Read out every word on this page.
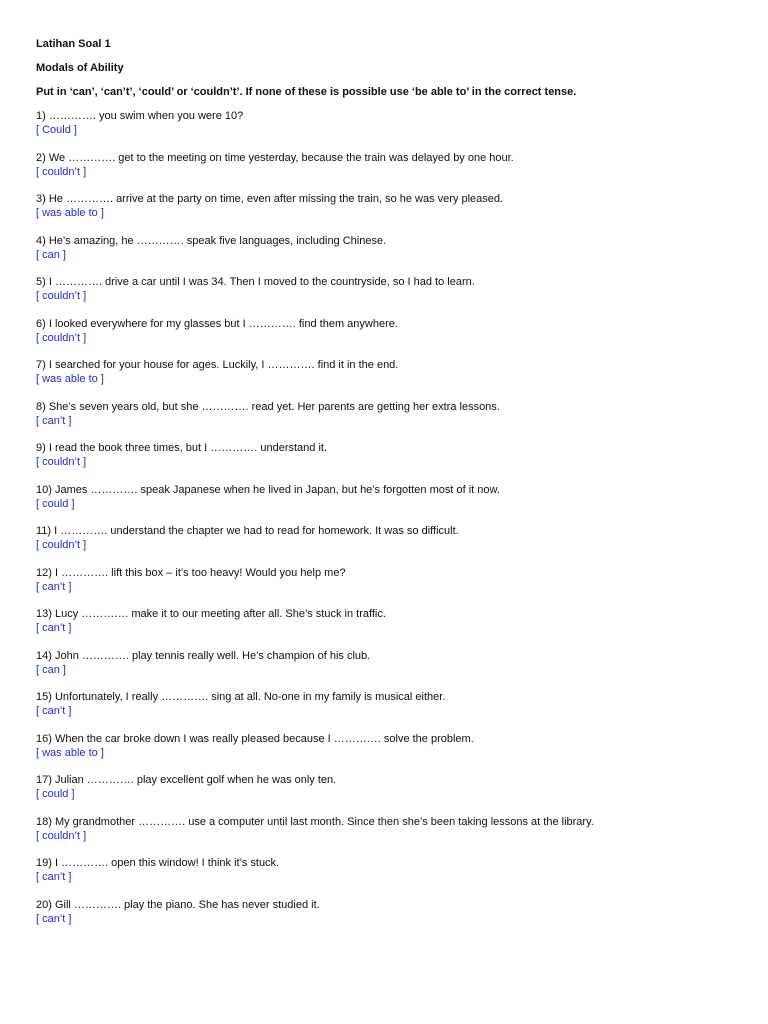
Latihan Soal 1

Modals of Ability

Put in ‘can’, ‘can’t’, ‘could’ or ‘couldn’t’. If none of these is possible use ‘be able to’ in the correct tense.

1) …………. you swim when you were 10?
[ Could ]
2) We …………. get to the meeting on time yesterday, because the train was delayed by one hour.
[ couldn’t ]
3) He …………. arrive at the party on time, even after missing the train, so he was very pleased.
[ was able to ]
4) He’s amazing, he …………. speak five languages, including Chinese.
[ can ]
5) I …………. drive a car until I was 34. Then I moved to the countryside, so I had to learn.
[ couldn’t ]
6) I looked everywhere for my glasses but I …………. find them anywhere.
[ couldn’t ]
7) I searched for your house for ages. Luckily, I …………. find it in the end.
[ was able to ]
8) She’s seven years old, but she …………. read yet. Her parents are getting her extra lessons.
[ can’t ]
9) I read the book three times, but I …………. understand it.
[ couldn’t ]
10) James …………. speak Japanese when he lived in Japan, but he’s forgotten most of it now.
[ could ]
11) I …………. understand the chapter we had to read for homework. It was so difficult.
[ couldn’t ]
12) I …………. lift this box – it’s too heavy! Would you help me?
[ can’t ]
13) Lucy …………. make it to our meeting after all. She’s stuck in traffic.
[ can’t ]
14) John …………. play tennis really well. He’s champion of his club.
[ can ]
15) Unfortunately, I really …………. sing at all. No-one in my family is musical either.
[ can’t ]
16) When the car broke down I was really pleased because I …………. solve the problem.
[ was able to ]
17) Julian …………. play excellent golf when he was only ten.
[ could ]
18) My grandmother …………. use a computer until last month. Since then she’s been taking lessons at the library.
[ couldn’t ]
19) I …………. open this window! I think it’s stuck.
[ can’t ]
20) Gill …………. play the piano. She has never studied it.
[ can’t ]
